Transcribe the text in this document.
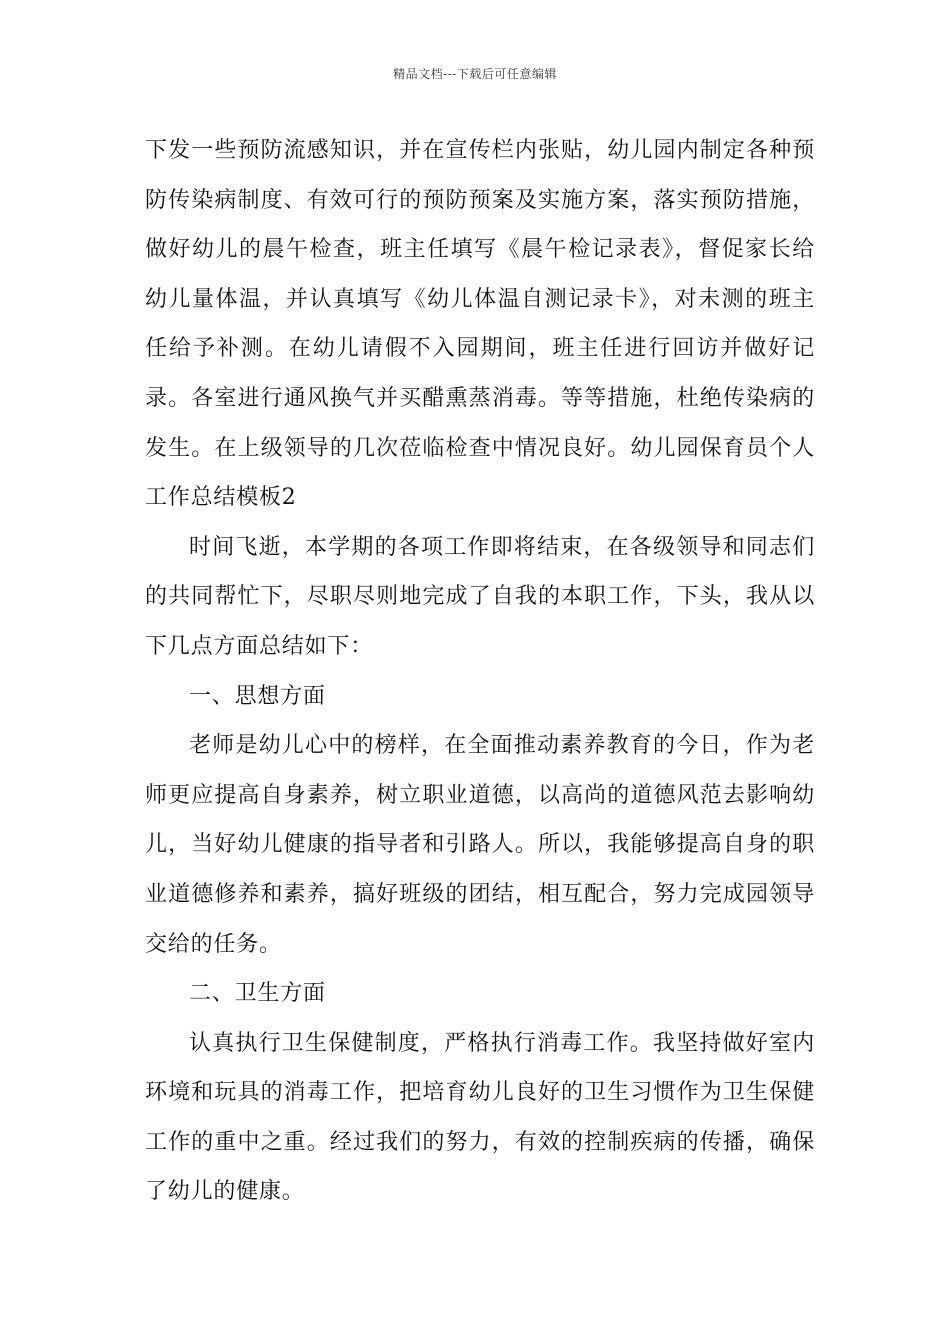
精品文档---下载后可任意编辑

下发一些预防流感知识，并在宣传栏内张贴，幼儿园内制定各种预防传染病制度、有效可行的预防预案及实施方案，落实预防措施，做好幼儿的晨午检查，班主任填写《晨午检记录表》，督促家长给幼儿量体温，并认真填写《幼儿体温自测记录卡》，对未测的班主任给予补测。在幼儿请假不入园期间，班主任进行回访并做好记录。各室进行通风换气并买醋熏蒸消毒。等等措施，杜绝传染病的发生。在上级领导的几次莅临检查中情况良好。幼儿园保育员个人工作总结模板2

时间飞逝，本学期的各项工作即将结束，在各级领导和同志们的共同帮忙下，尽职尽则地完成了自我的本职工作，下头，我从以下几点方面总结如下：

一、思想方面

老师是幼儿心中的榜样，在全面推动素养教育的今日，作为老师更应提高自身素养，树立职业道德，以高尚的道德风范去影响幼儿，当好幼儿健康的指导者和引路人。所以，我能够提高自身的职业道德修养和素养，搞好班级的团结，相互配合，努力完成园领导交给的任务。

二、卫生方面

认真执行卫生保健制度，严格执行消毒工作。我坚持做好室内环境和玩具的消毒工作，把培育幼儿良好的卫生习惯作为卫生保健工作的重中之重。经过我们的努力，有效的控制疾病的传播，确保了幼儿的健康。
